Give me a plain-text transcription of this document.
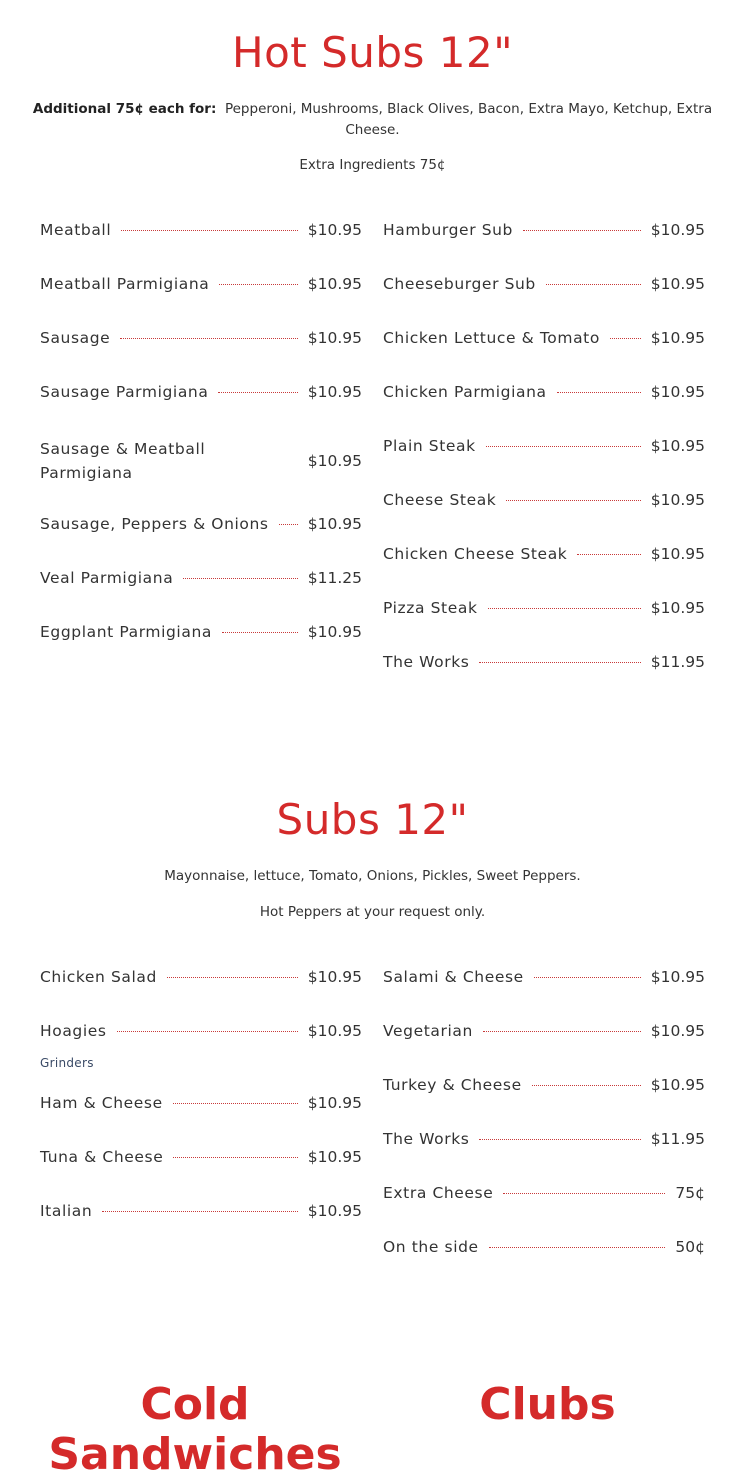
Hot Subs 12"

Additional 75¢ each for: Pepperoni, Mushrooms, Black Olives, Bacon, Extra Mayo, Ketchup, Extra Cheese.

Extra Ingredients 75¢

Meatball	$10.95
Meatball Parmigiana	$10.95
Sausage	$10.95
Sausage Parmigiana	$10.95
Sausage & Meatball Parmigiana
$10.95
Sausage, Peppers & Onions	$10.95
Veal Parmigiana	$11.25
Eggplant Parmigiana	$10.95
Hamburger Sub	$10.95
Cheeseburger Sub	$10.95
Chicken Lettuce & Tomato	$10.95
Chicken Parmigiana	$10.95
Plain Steak	$10.95
Cheese Steak	$10.95
Chicken Cheese Steak	$10.95
Pizza Steak	$10.95
The Works	$11.95
Subs 12"

Mayonnaise, lettuce, Tomato, Onions, Pickles, Sweet Peppers.

Hot Peppers at your request only.

Chicken Salad	$10.95
Hoagies	$10.95
Grinders
Ham & Cheese	$10.95
Tuna & Cheese	$10.95
Italian	$10.95
Salami & Cheese	$10.95
Vegetarian	$10.95
Turkey & Cheese	$10.95
The Works	$11.95
Extra Cheese	75¢
On the side	50¢
Cold Sandwiches
Clubs
